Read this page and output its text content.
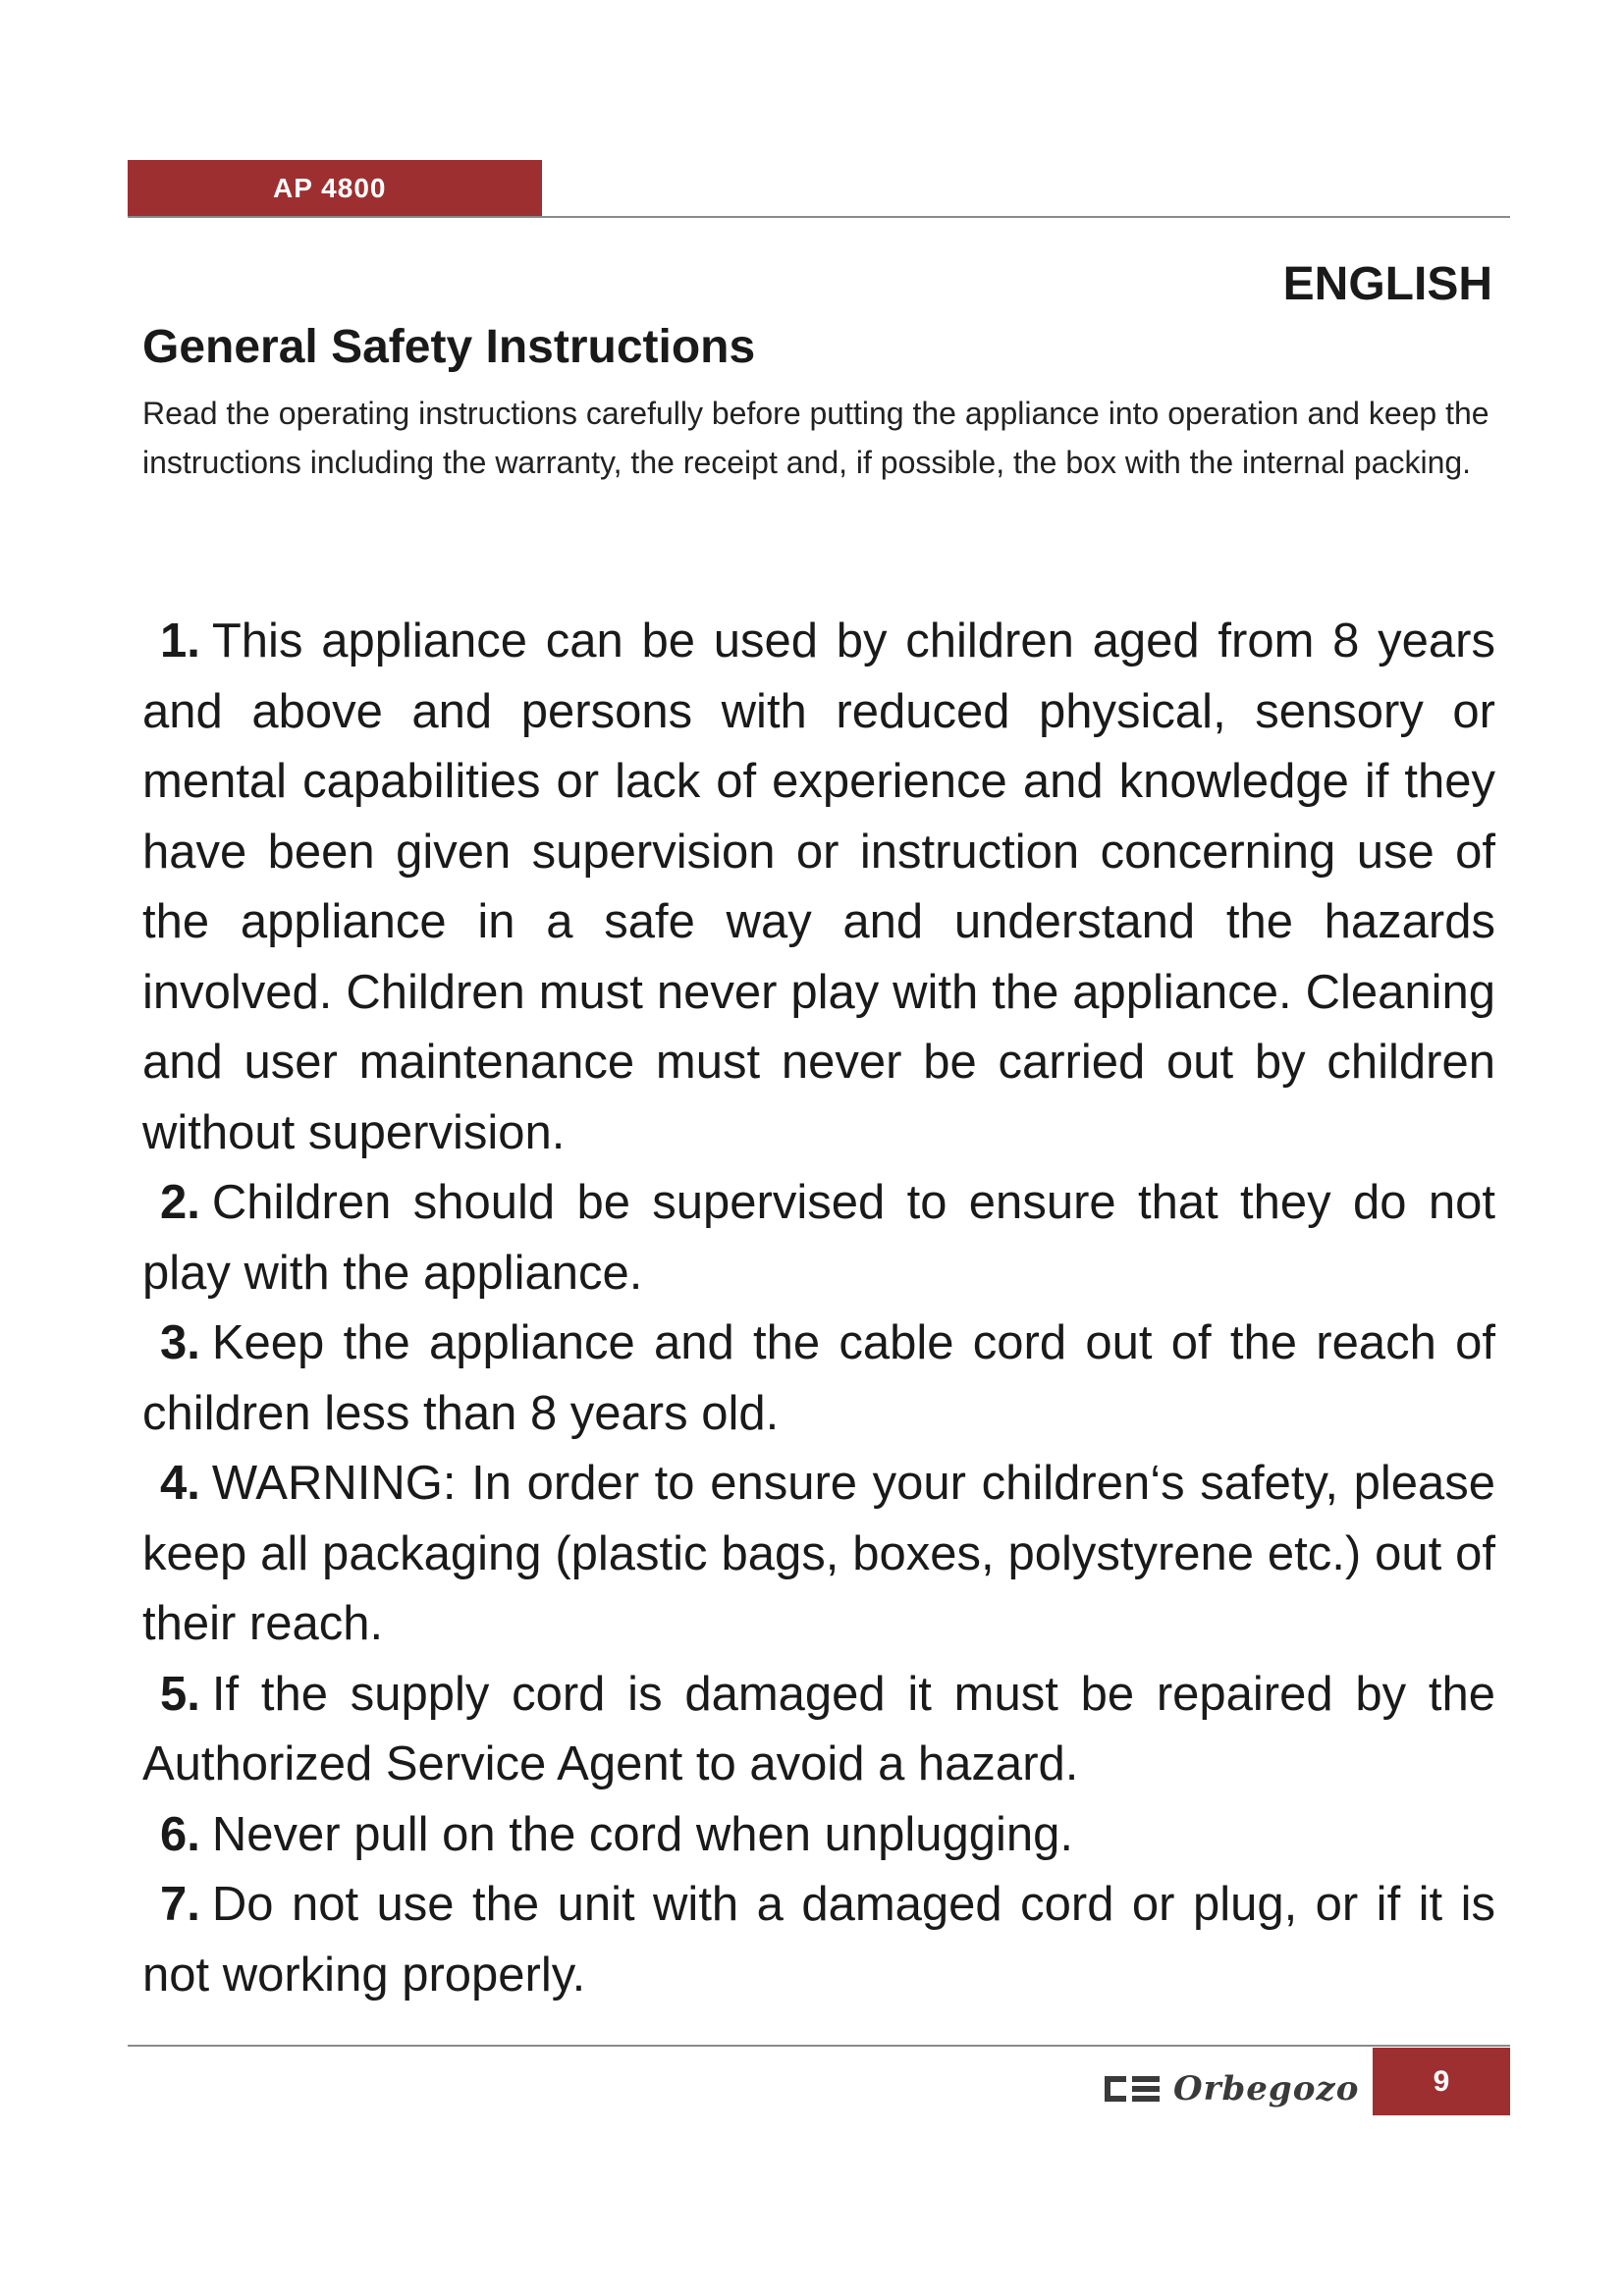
AP 4800
ENGLISH
General Safety Instructions
Read the operating instructions carefully before putting the appliance into operation and keep the instructions including the warranty, the receipt and, if possible, the box with the internal packing.

1. This appliance can be used by children aged from 8 years and above and persons with reduced physical, sensory or mental capabilities or lack of experience and knowledge if they have been given supervision or instruction concerning use of the appliance in a safe way and understand the hazards involved. Children must never play with the appliance. Cleaning and user maintenance must never be carried out by children without supervision.

2. Children should be supervised to ensure that they do not play with the appliance.

3. Keep the appliance and the cable cord out of the reach of children less than 8 years old.

4. WARNING: In order to ensure your children‘s safety, please keep all packaging (plastic bags, boxes, polystyrene etc.) out of their reach.

5. If the supply cord is damaged it must be repaired by the Authorized Service Agent to avoid a hazard.

6. Never pull on the cord when unplugging.

7. Do not use the unit with a damaged cord or plug, or if it is not working properly.

Orbegozo	9
